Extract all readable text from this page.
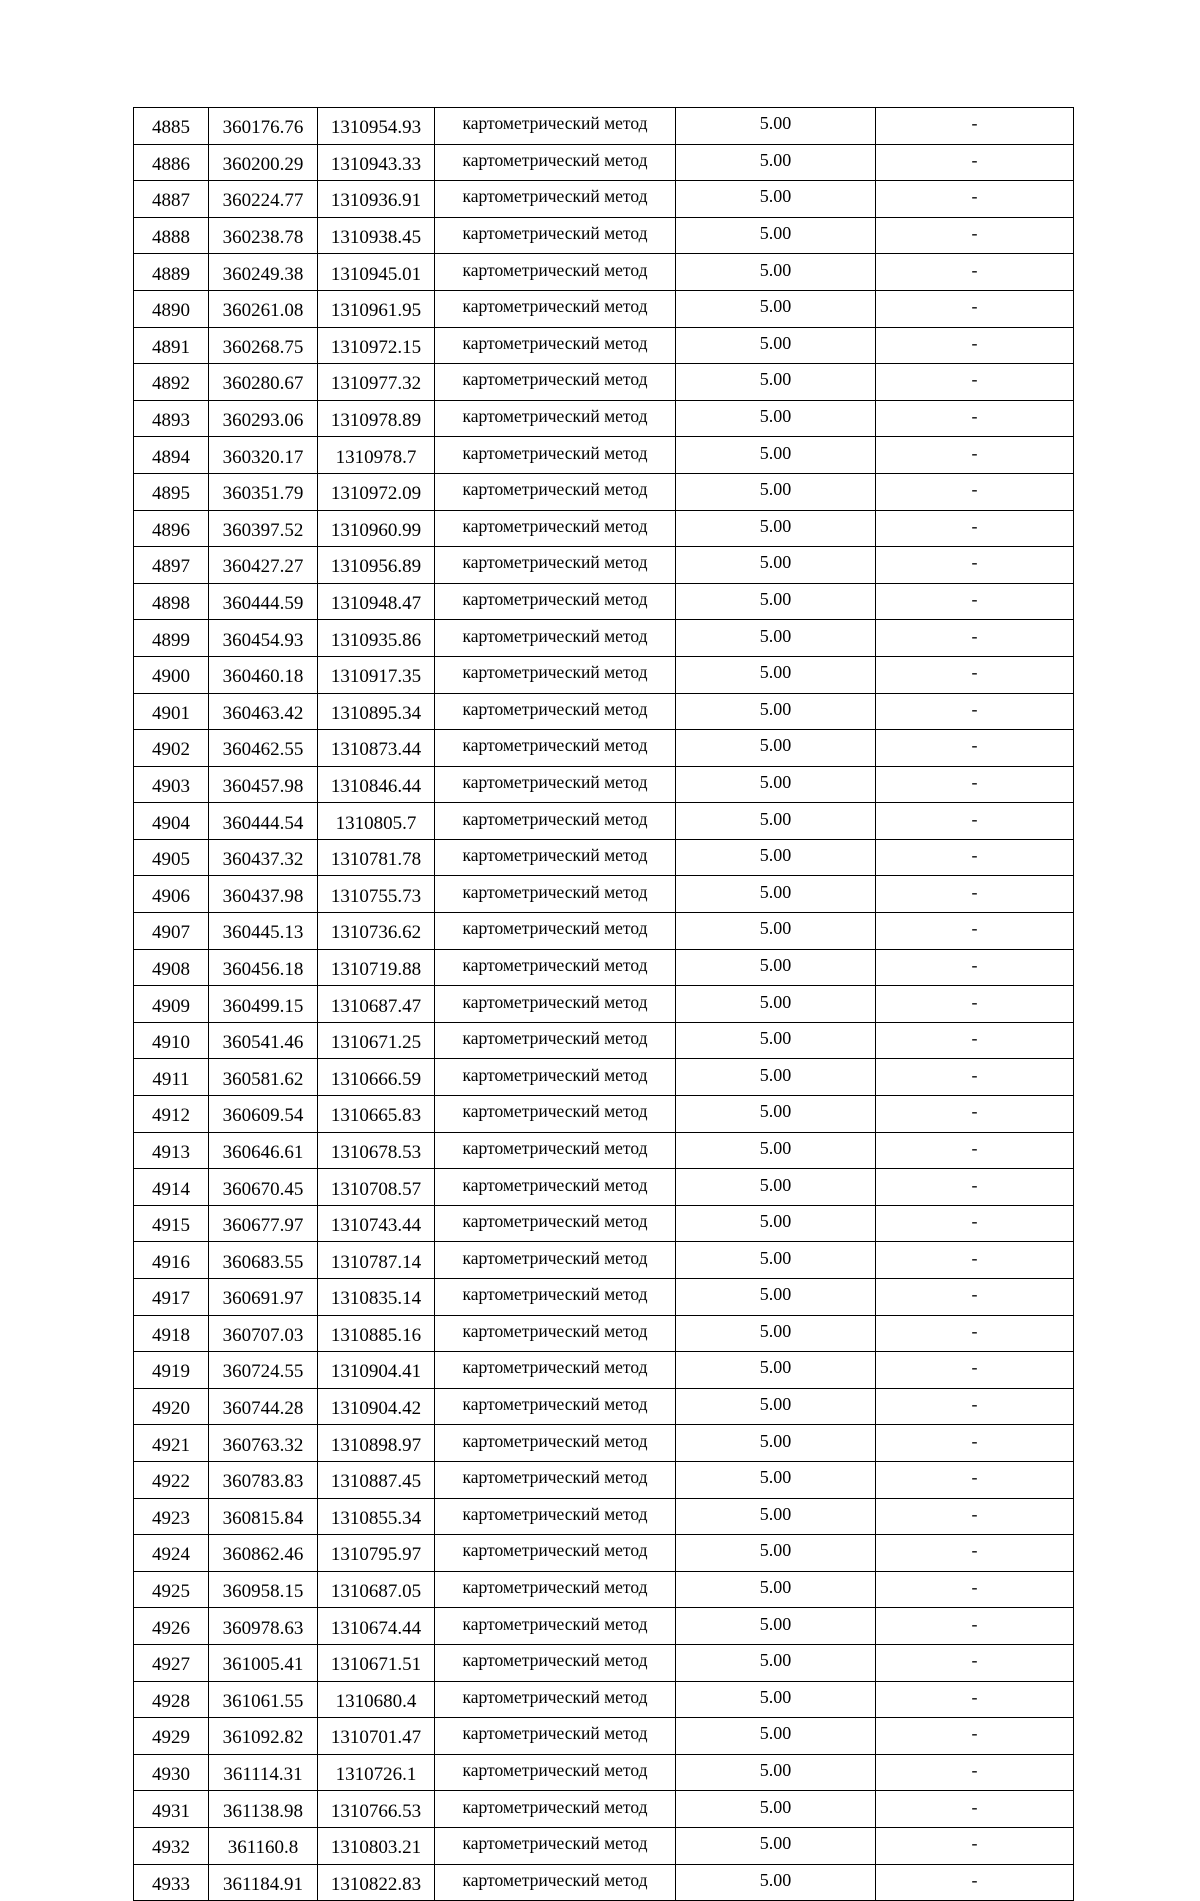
4885	360176.76	1310954.93	картометрический метод	5.00	-
4886	360200.29	1310943.33	картометрический метод	5.00	-
4887	360224.77	1310936.91	картометрический метод	5.00	-
4888	360238.78	1310938.45	картометрический метод	5.00	-
4889	360249.38	1310945.01	картометрический метод	5.00	-
4890	360261.08	1310961.95	картометрический метод	5.00	-
4891	360268.75	1310972.15	картометрический метод	5.00	-
4892	360280.67	1310977.32	картометрический метод	5.00	-
4893	360293.06	1310978.89	картометрический метод	5.00	-
4894	360320.17	1310978.7	картометрический метод	5.00	-
4895	360351.79	1310972.09	картометрический метод	5.00	-
4896	360397.52	1310960.99	картометрический метод	5.00	-
4897	360427.27	1310956.89	картометрический метод	5.00	-
4898	360444.59	1310948.47	картометрический метод	5.00	-
4899	360454.93	1310935.86	картометрический метод	5.00	-
4900	360460.18	1310917.35	картометрический метод	5.00	-
4901	360463.42	1310895.34	картометрический метод	5.00	-
4902	360462.55	1310873.44	картометрический метод	5.00	-
4903	360457.98	1310846.44	картометрический метод	5.00	-
4904	360444.54	1310805.7	картометрический метод	5.00	-
4905	360437.32	1310781.78	картометрический метод	5.00	-
4906	360437.98	1310755.73	картометрический метод	5.00	-
4907	360445.13	1310736.62	картометрический метод	5.00	-
4908	360456.18	1310719.88	картометрический метод	5.00	-
4909	360499.15	1310687.47	картометрический метод	5.00	-
4910	360541.46	1310671.25	картометрический метод	5.00	-
4911	360581.62	1310666.59	картометрический метод	5.00	-
4912	360609.54	1310665.83	картометрический метод	5.00	-
4913	360646.61	1310678.53	картометрический метод	5.00	-
4914	360670.45	1310708.57	картометрический метод	5.00	-
4915	360677.97	1310743.44	картометрический метод	5.00	-
4916	360683.55	1310787.14	картометрический метод	5.00	-
4917	360691.97	1310835.14	картометрический метод	5.00	-
4918	360707.03	1310885.16	картометрический метод	5.00	-
4919	360724.55	1310904.41	картометрический метод	5.00	-
4920	360744.28	1310904.42	картометрический метод	5.00	-
4921	360763.32	1310898.97	картометрический метод	5.00	-
4922	360783.83	1310887.45	картометрический метод	5.00	-
4923	360815.84	1310855.34	картометрический метод	5.00	-
4924	360862.46	1310795.97	картометрический метод	5.00	-
4925	360958.15	1310687.05	картометрический метод	5.00	-
4926	360978.63	1310674.44	картометрический метод	5.00	-
4927	361005.41	1310671.51	картометрический метод	5.00	-
4928	361061.55	1310680.4	картометрический метод	5.00	-
4929	361092.82	1310701.47	картометрический метод	5.00	-
4930	361114.31	1310726.1	картометрический метод	5.00	-
4931	361138.98	1310766.53	картометрический метод	5.00	-
4932	361160.8	1310803.21	картометрический метод	5.00	-
4933	361184.91	1310822.83	картометрический метод	5.00	-
